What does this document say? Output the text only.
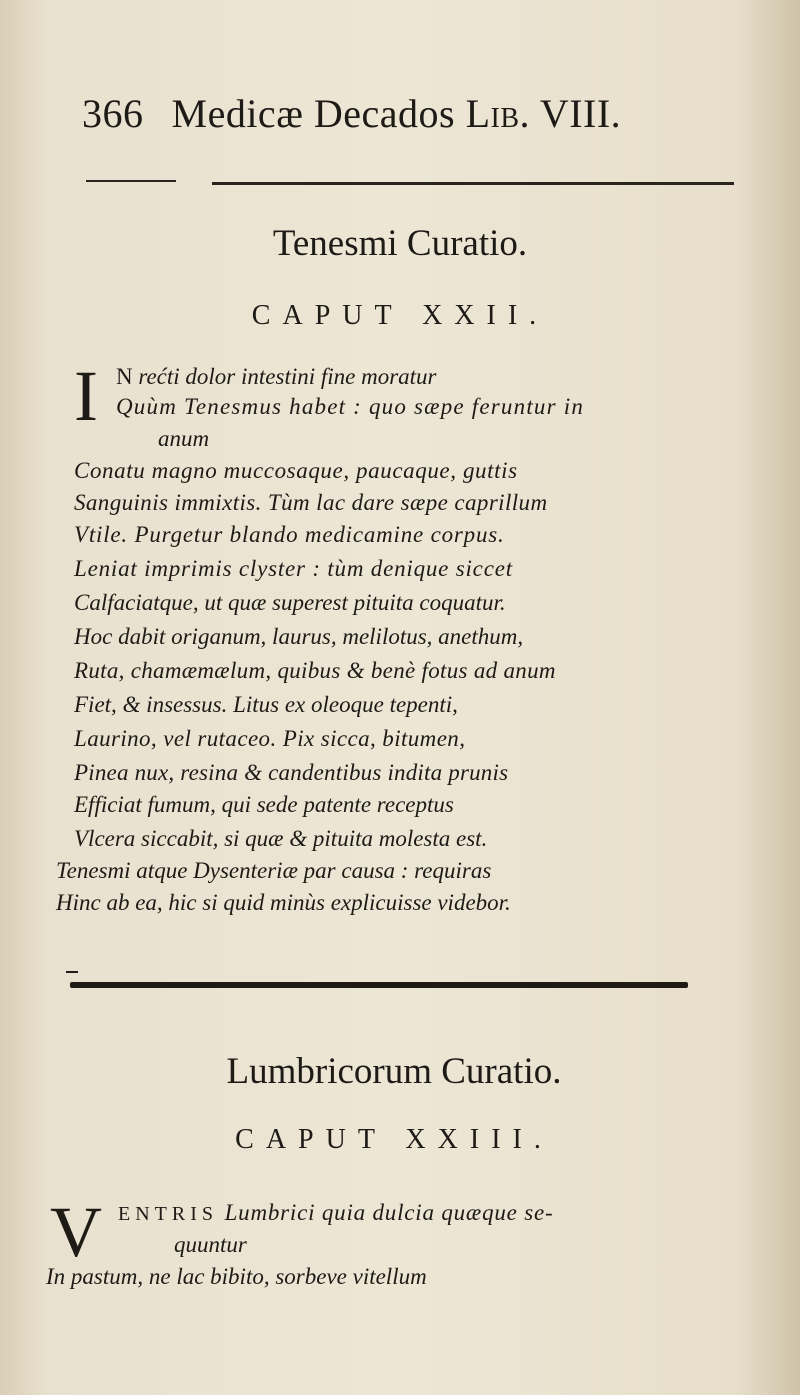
366 Medicæ Decados Lib. VIII.
Tenesmi Curatio.
CAPUT XXII.
I N rećti dolor intestini fine moratur
Quùm Tenesmus habet : quo sæpe feruntur in
anum
Conatu magno muccosaque, paucaque, guttis
Sanguinis immixtis. Tùm lac dare sæpe caprillum
Vtile. Purgetur blando medicamine corpus.
Leniat imprimis clyster : tùm denique siccet
Calfaciatque, ut quæ superest pituita coquatur.
Hoc dabit origanum, laurus, melilotus, anethum,
Ruta, chamæmælum, quibus & benè fotus ad anum
Fiet, & insessus. Litus ex oleoque tepenti,
Laurino, vel rutaceo. Pix sicca, bitumen,
Pinea nux, resina & candentibus indita prunis
Efficiat fumum, qui sede patente receptus
Vlcera siccabit, si quæ & pituita molesta est.
Tenesmi atque Dysenteriæ par causa : requiras
Hinc ab ea, hic si quid minùs explicuisse videbor.
Lumbricorum Curatio.
CAPUT XXIII.
V ENTRIS Lumbrici quia dulcia quæque se-
quuntur
In pastum, ne lac bibito, sorbeve vitellum
